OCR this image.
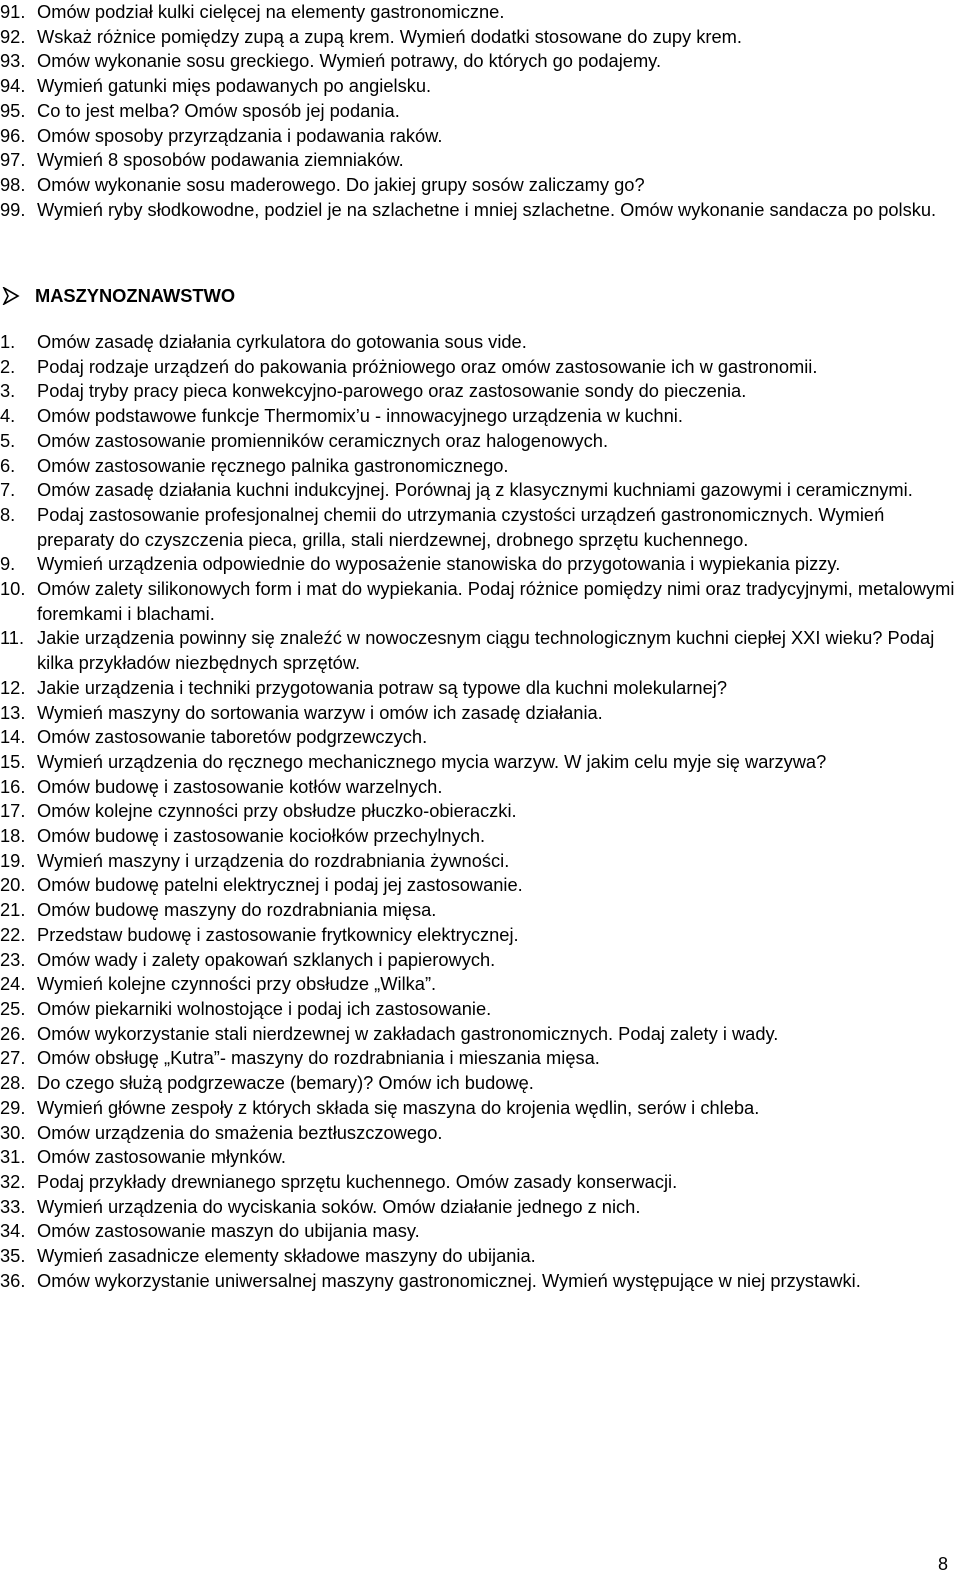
91. Omów podział kulki cielęcej na elementy gastronomiczne.
92. Wskaż różnice pomiędzy zupą a zupą krem. Wymień dodatki stosowane do zupy krem.
93. Omów wykonanie sosu greckiego. Wymień potrawy, do których go podajemy.
94. Wymień gatunki mięs podawanych po angielsku.
95. Co to jest melba? Omów sposób jej podania.
96. Omów sposoby przyrządzania i podawania raków.
97. Wymień 8 sposobów podawania ziemniaków.
98. Omów wykonanie sosu maderowego. Do jakiej grupy sosów zaliczamy go?
99. Wymień ryby słodkowodne, podziel je na szlachetne i mniej szlachetne. Omów wykonanie sandacza po polsku.
MASZYNOZNAWSTWO
1. Omów zasadę działania cyrkulatora do gotowania sous vide.
2. Podaj rodzaje urządzeń do pakowania próżniowego oraz omów zastosowanie ich w gastronomii.
3. Podaj tryby pracy pieca konwekcyjno-parowego oraz zastosowanie sondy do pieczenia.
4. Omów podstawowe funkcje Thermomix’u - innowacyjnego urządzenia w kuchni.
5. Omów zastosowanie promienników ceramicznych oraz halogenowych.
6. Omów zastosowanie ręcznego palnika gastronomicznego.
7. Omów zasadę działania kuchni indukcyjnej. Porównaj ją z klasycznymi kuchniami gazowymi i ceramicznymi.
8. Podaj zastosowanie profesjonalnej chemii do utrzymania czystości urządzeń gastronomicznych. Wymień preparaty do czyszczenia pieca, grilla, stali nierdzewnej, drobnego sprzętu kuchennego.
9. Wymień urządzenia odpowiednie do wyposażenie stanowiska do przygotowania i wypiekania pizzy.
10. Omów zalety silikonowych form i mat do wypiekania. Podaj różnice pomiędzy nimi oraz tradycyjnymi, metalowymi foremkami i blachami.
11. Jakie urządzenia powinny się znaleźć w nowoczesnym ciągu technologicznym kuchni ciepłej XXI wieku? Podaj kilka przykładów niezbędnych sprzętów.
12. Jakie urządzenia i techniki przygotowania potraw są typowe dla kuchni molekularnej?
13. Wymień maszyny do sortowania warzyw i omów ich zasadę działania.
14. Omów zastosowanie taboretów podgrzewczych.
15. Wymień urządzenia do ręcznego mechanicznego mycia warzyw. W jakim celu myje się warzywa?
16. Omów budowę i zastosowanie kotłów warzelnych.
17. Omów kolejne czynności przy obsłudze płuczko-obieraczki.
18. Omów budowę i zastosowanie kociołków przechylnych.
19. Wymień maszyny i urządzenia do rozdrabniania żywności.
20. Omów budowę patelni elektrycznej i podaj jej zastosowanie.
21. Omów budowę maszyny do rozdrabniania mięsa.
22. Przedstaw budowę i zastosowanie frytkownicy elektrycznej.
23. Omów wady i zalety opakowań szklanych i papierowych.
24. Wymień kolejne czynności przy obsłudze „Wilka”.
25. Omów piekarniki wolnostojące i podaj ich zastosowanie.
26. Omów wykorzystanie stali nierdzewnej w zakładach gastronomicznych. Podaj zalety i wady.
27. Omów obsługę „Kutra”- maszyny do rozdrabniania i mieszania mięsa.
28. Do czego służą podgrzewacze (bemary)? Omów ich budowę.
29. Wymień główne zespoły z których składa się maszyna do krojenia wędlin, serów i chleba.
30. Omów urządzenia do smażenia beztłuszczowego.
31. Omów zastosowanie młynków.
32. Podaj przykłady drewnianego sprzętu kuchennego. Omów zasady konserwacji.
33. Wymień urządzenia do wyciskania soków. Omów działanie jednego z nich.
34. Omów zastosowanie maszyn do ubijania masy.
35. Wymień zasadnicze elementy składowe maszyny do ubijania.
36. Omów wykorzystanie uniwersalnej maszyny gastronomicznej. Wymień występujące w niej przystawki.
8
